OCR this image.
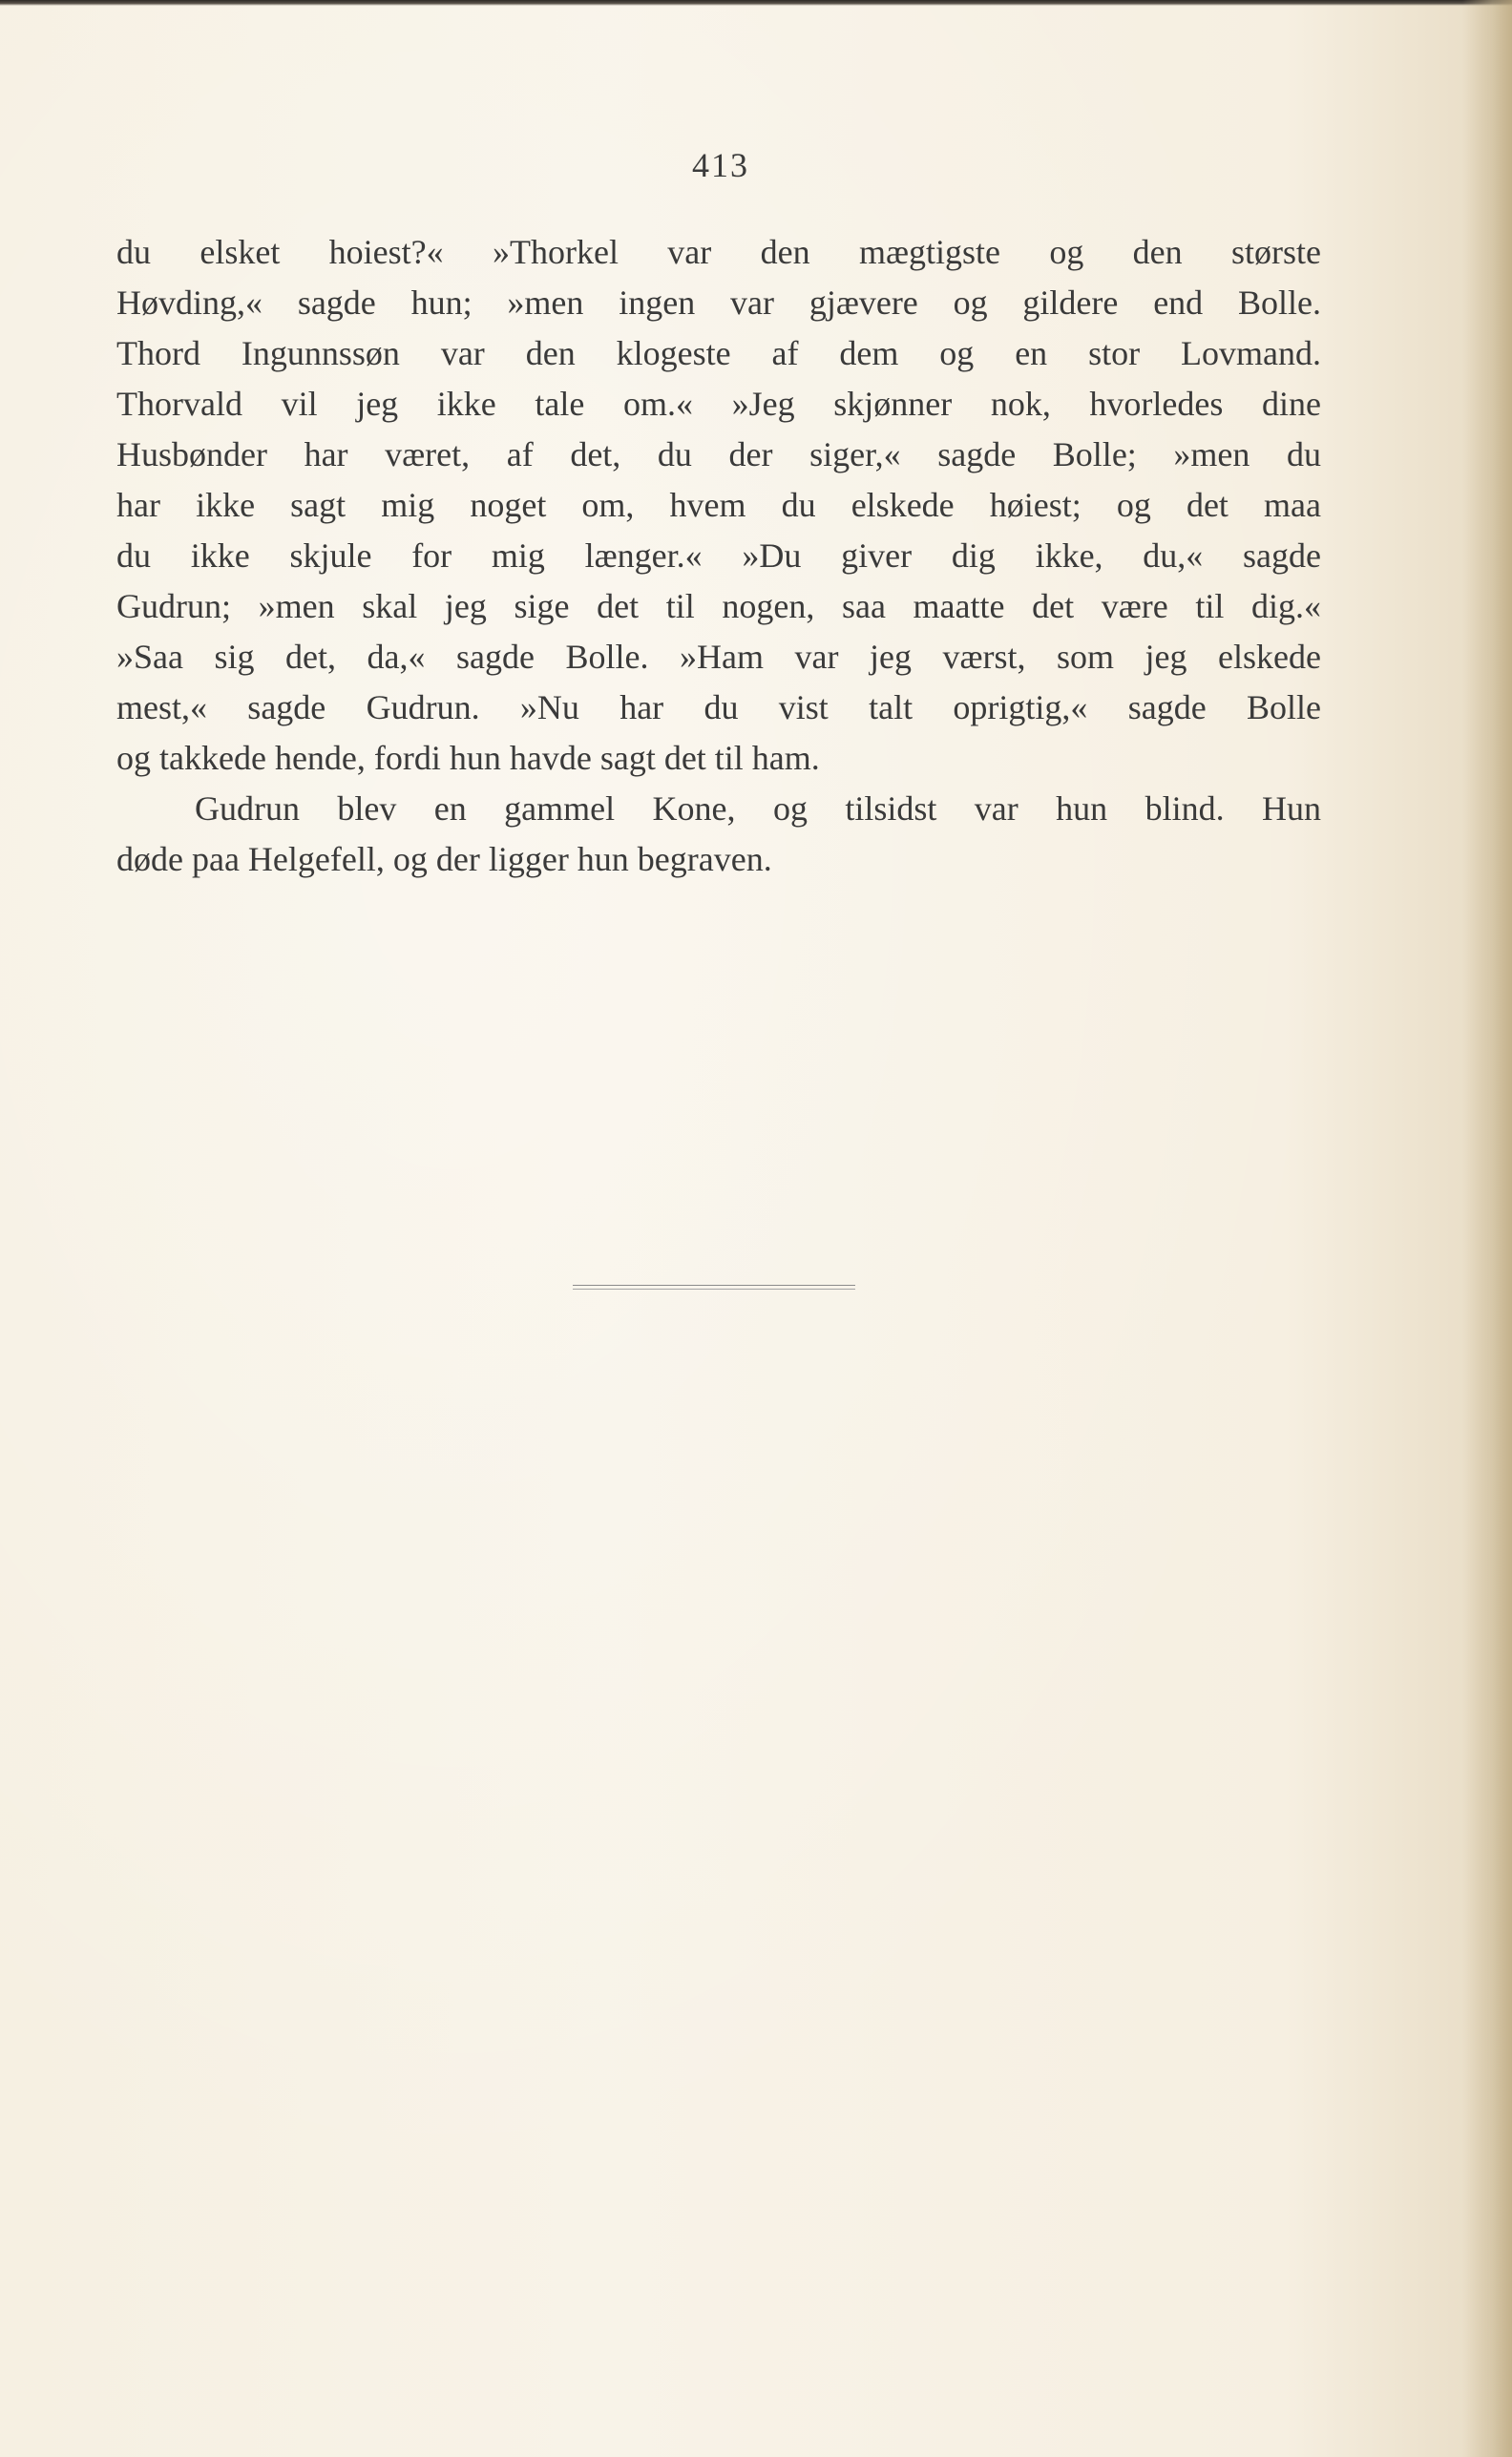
413
du elsket hoiest?« »Thorkel var den mægtigste og den største
Høvding,« sagde hun; »men ingen var gjævere og gildere end Bolle.
Thord Ingunnssøn var den klogeste af dem og en stor Lovmand.
Thorvald vil jeg ikke tale om.« »Jeg skjønner nok, hvorledes dine
Husbønder har været, af det, du der siger,« sagde Bolle; »men du
har ikke sagt mig noget om, hvem du elskede høiest; og det maa
du ikke skjule for mig længer.« »Du giver dig ikke, du,« sagde
Gudrun; »men skal jeg sige det til nogen, saa maatte det være til dig.«
»Saa sig det, da,« sagde Bolle. »Ham var jeg værst, som jeg elskede
mest,« sagde Gudrun. »Nu har du vist talt oprigtig,« sagde Bolle
og takkede hende, fordi hun havde sagt det til ham.
Gudrun blev en gammel Kone, og tilsidst var hun blind. Hun
døde paa Helgefell, og der ligger hun begraven.
